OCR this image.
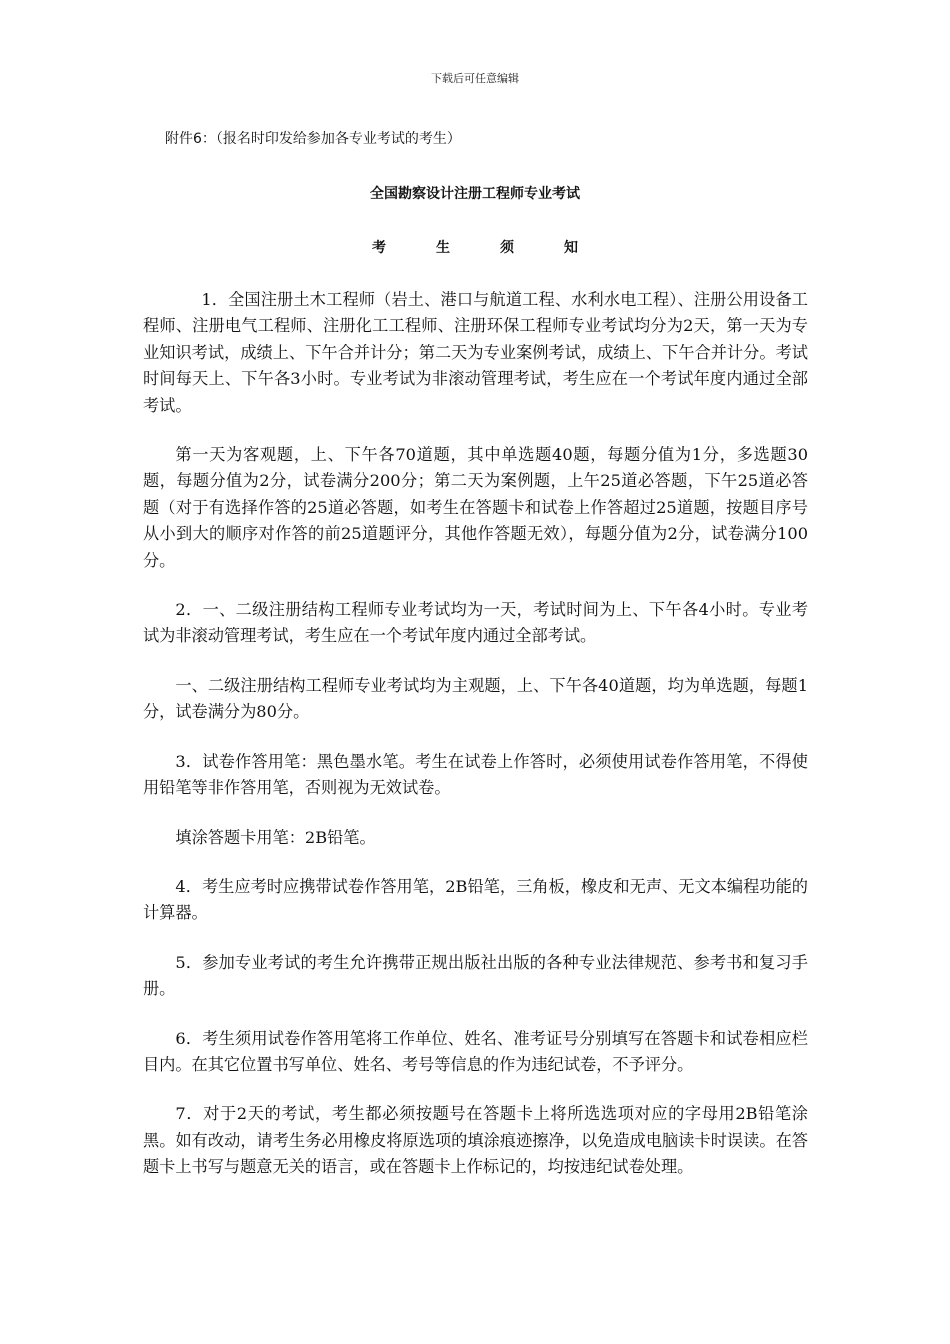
下载后可任意编辑
附件6：（报名时印发给参加各专业考试的考生）
全国勘察设计注册工程师专业考试
考	生	须	知

1．全国注册土木工程师（岩土、港口与航道工程、水利水电工程）、注册公用设备工程师、注册电气工程师、注册化工工程师、注册环保工程师专业考试均分为2天，第一天为专业知识考试，成绩上、下午合并计分；第二天为专业案例考试，成绩上、下午合并计分。考试时间每天上、下午各3小时。专业考试为非滚动管理考试，考生应在一个考试年度内通过全部考试。

第一天为客观题，上、下午各70道题，其中单选题40题，每题分值为1分，多选题30题，每题分值为2分，试卷满分200分；第二天为案例题，上午25道必答题，下午25道必答题（对于有选择作答的25道必答题，如考生在答题卡和试卷上作答超过25道题，按题目序号从小到大的顺序对作答的前25道题评分，其他作答题无效），每题分值为2分，试卷满分100分。

2．一、二级注册结构工程师专业考试均为一天，考试时间为上、下午各4小时。专业考试为非滚动管理考试，考生应在一个考试年度内通过全部考试。

一、二级注册结构工程师专业考试均为主观题，上、下午各40道题，均为单选题，每题1分，试卷满分为80分。

3．试卷作答用笔：黑色墨水笔。考生在试卷上作答时，必须使用试卷作答用笔，不得使用铅笔等非作答用笔，否则视为无效试卷。

填涂答题卡用笔：2B铅笔。

4．考生应考时应携带试卷作答用笔，2B铅笔，三角板，橡皮和无声、无文本编程功能的计算器。

5．参加专业考试的考生允许携带正规出版社出版的各种专业法律规范、参考书和复习手册。

6．考生须用试卷作答用笔将工作单位、姓名、准考证号分别填写在答题卡和试卷相应栏目内。在其它位置书写单位、姓名、考号等信息的作为违纪试卷，不予评分。

7．对于2天的考试，考生都必须按题号在答题卡上将所选选项对应的字母用2B铅笔涂黑。如有改动，请考生务必用橡皮将原选项的填涂痕迹擦净，以免造成电脑读卡时误读。在答题卡上书写与题意无关的语言，或在答题卡上作标记的，均按违纪试卷处理。
